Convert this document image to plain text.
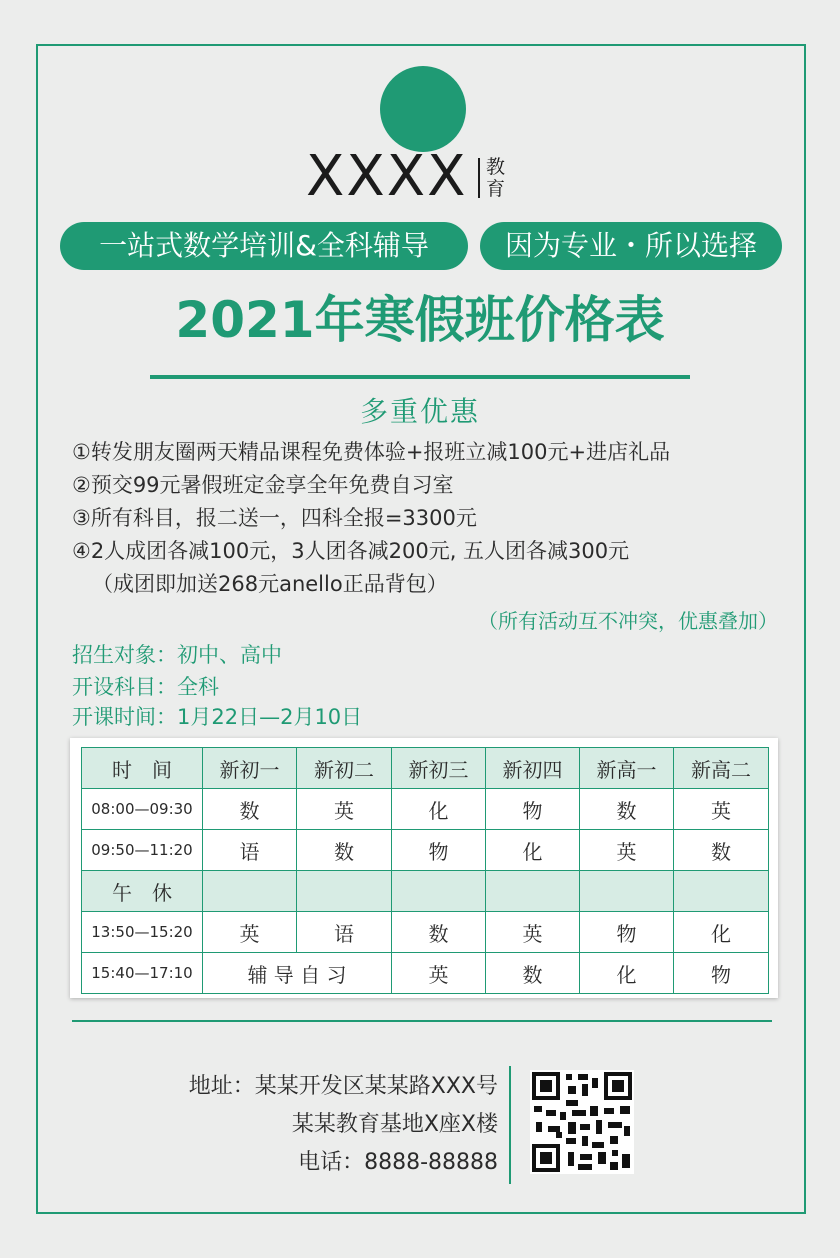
XXXX 教育
一站式数学培训&全科辅导	因为专业・所以选择
2021年寒假班价格表
多重优惠
①转发朋友圈两天精品课程免费体验+报班立减100元+进店礼品
②预交99元暑假班定金享全年免费自习室
③所有科目，报二送一，四科全报=3300元
④2人成团各减100元，3人团各减200元, 五人团各减300元
（成团即加送268元anello正品背包）
（所有活动互不冲突，优惠叠加）
招生对象：初中、高中
开设科目：全科
开课时间：1月22日—2月10日
时　间	新初一	新初二	新初三	新初四	新高一	新高二
08:00—09:30	数	英	化	物	数	英
09:50—11:20	语	数	物	化	英	数
午　休						
13:50—15:20	英	语	数	英	物	化
15:40—17:10	辅 导 自 习		英	数	化	物
地址：某某开发区某某路XXX号
某某教育基地X座X楼
电话：8888-88888
